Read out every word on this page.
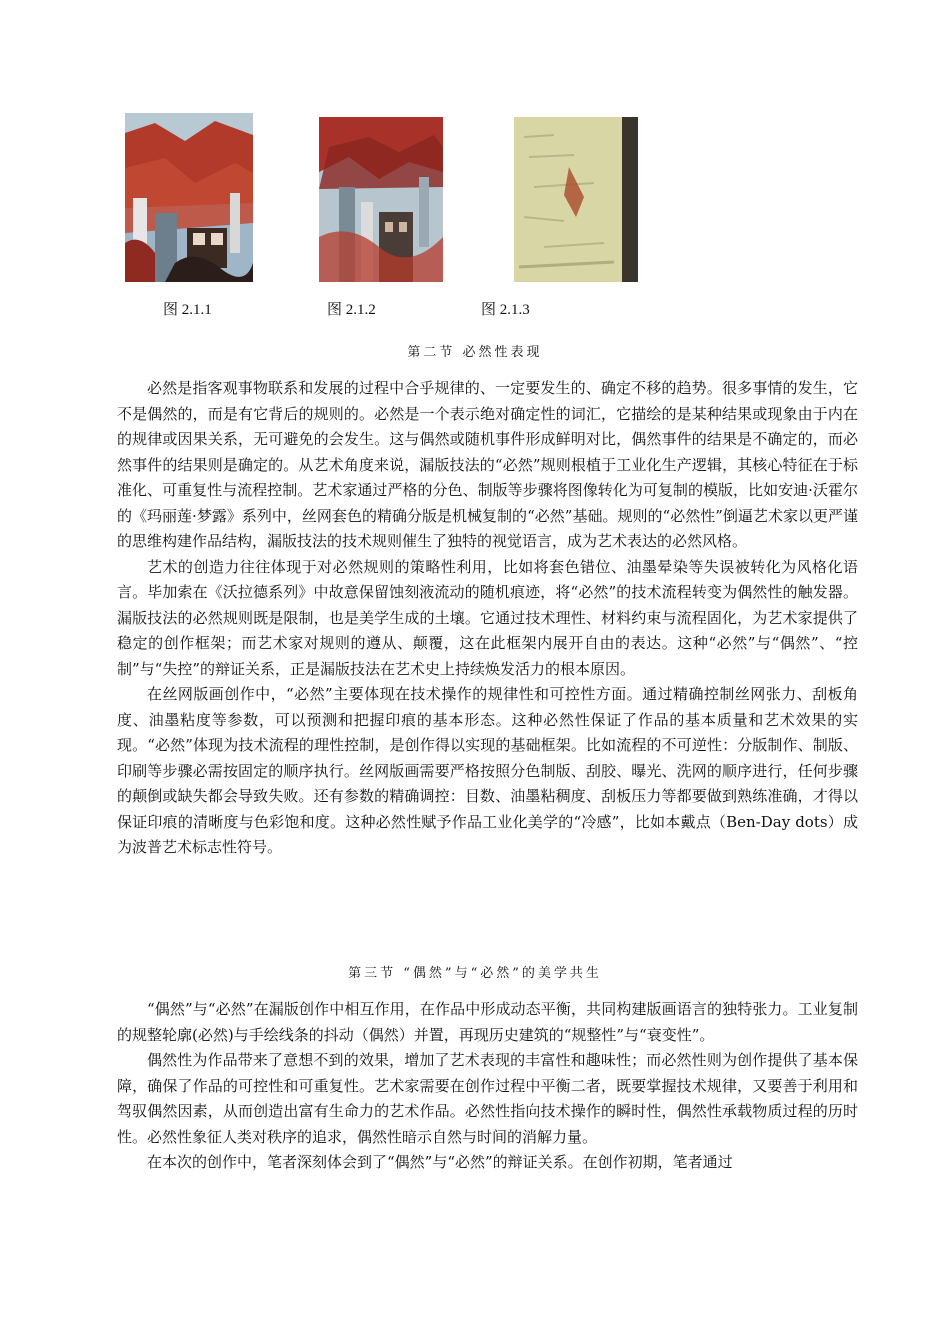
图 2.1.1	图 2.1.2	图 2.1.3
第二节 必然性表现

必然是指客观事物联系和发展的过程中合乎规律的、一定要发生的、确定不移的趋势。很多事情的发生，它不是偶然的，而是有它背后的规则的。必然是一个表示绝对确定性的词汇，它描绘的是某种结果或现象由于内在的规律或因果关系，无可避免的会发生。这与偶然或随机事件形成鲜明对比，偶然事件的结果是不确定的，而必然事件的结果则是确定的。从艺术角度来说，漏版技法的“必然”规则根植于工业化生产逻辑，其核心特征在于标准化、可重复性与流程控制。艺术家通过严格的分色、制版等步骤将图像转化为可复制的模版，比如安迪·沃霍尔的《玛丽莲·梦露》系列中，丝网套色的精确分版是机械复制的“必然”基础。规则的“必然性”倒逼艺术家以更严谨的思维构建作品结构，漏版技法的技术规则催生了独特的视觉语言，成为艺术表达的必然风格。

艺术的创造力往往体现于对必然规则的策略性利用，比如将套色错位、油墨晕染等失误被转化为风格化语言。毕加索在《沃拉德系列》中故意保留蚀刻液流动的随机痕迹，将“必然”的技术流程转变为偶然性的触发器。漏版技法的必然规则既是限制，也是美学生成的土壤。它通过技术理性、材料约束与流程固化，为艺术家提供了稳定的创作框架；而艺术家对规则的遵从、颠覆，这在此框架内展开自由的表达。这种“必然”与“偶然”、“控制”与“失控”的辩证关系，正是漏版技法在艺术史上持续焕发活力的根本原因。

在丝网版画创作中，“必然”主要体现在技术操作的规律性和可控性方面。通过精确控制丝网张力、刮板角度、油墨粘度等参数，可以预测和把握印痕的基本形态。这种必然性保证了作品的基本质量和艺术效果的实现。“必然”体现为技术流程的理性控制，是创作得以实现的基础框架。比如流程的不可逆性：分版制作、制版、印刷等步骤必需按固定的顺序执行。丝网版画需要严格按照分色制版、刮胶、曝光、洗网的顺序进行，任何步骤的颠倒或缺失都会导致失败。还有参数的精确调控：目数、油墨粘稠度、刮板压力等都要做到熟练准确，才得以保证印痕的清晰度与色彩饱和度。这种必然性赋予作品工业化美学的“冷感”，比如本戴点（Ben-Day dots）成为波普艺术标志性符号。

第三节 “偶然”与“必然”的美学共生

“偶然”与“必然”在漏版创作中相互作用，在作品中形成动态平衡，共同构建版画语言的独特张力。工业复制的规整轮廓(必然)与手绘线条的抖动（偶然）并置，再现历史建筑的“规整性”与“衰变性”。

偶然性为作品带来了意想不到的效果，增加了艺术表现的丰富性和趣味性；而必然性则为创作提供了基本保障，确保了作品的可控性和可重复性。艺术家需要在创作过程中平衡二者，既要掌握技术规律，又要善于利用和驾驭偶然因素，从而创造出富有生命力的艺术作品。必然性指向技术操作的瞬时性，偶然性承载物质过程的历时性。必然性象征人类对秩序的追求，偶然性暗示自然与时间的消解力量。

在本次的创作中，笔者深刻体会到了“偶然”与“必然”的辩证关系。在创作初期，笔者通过
